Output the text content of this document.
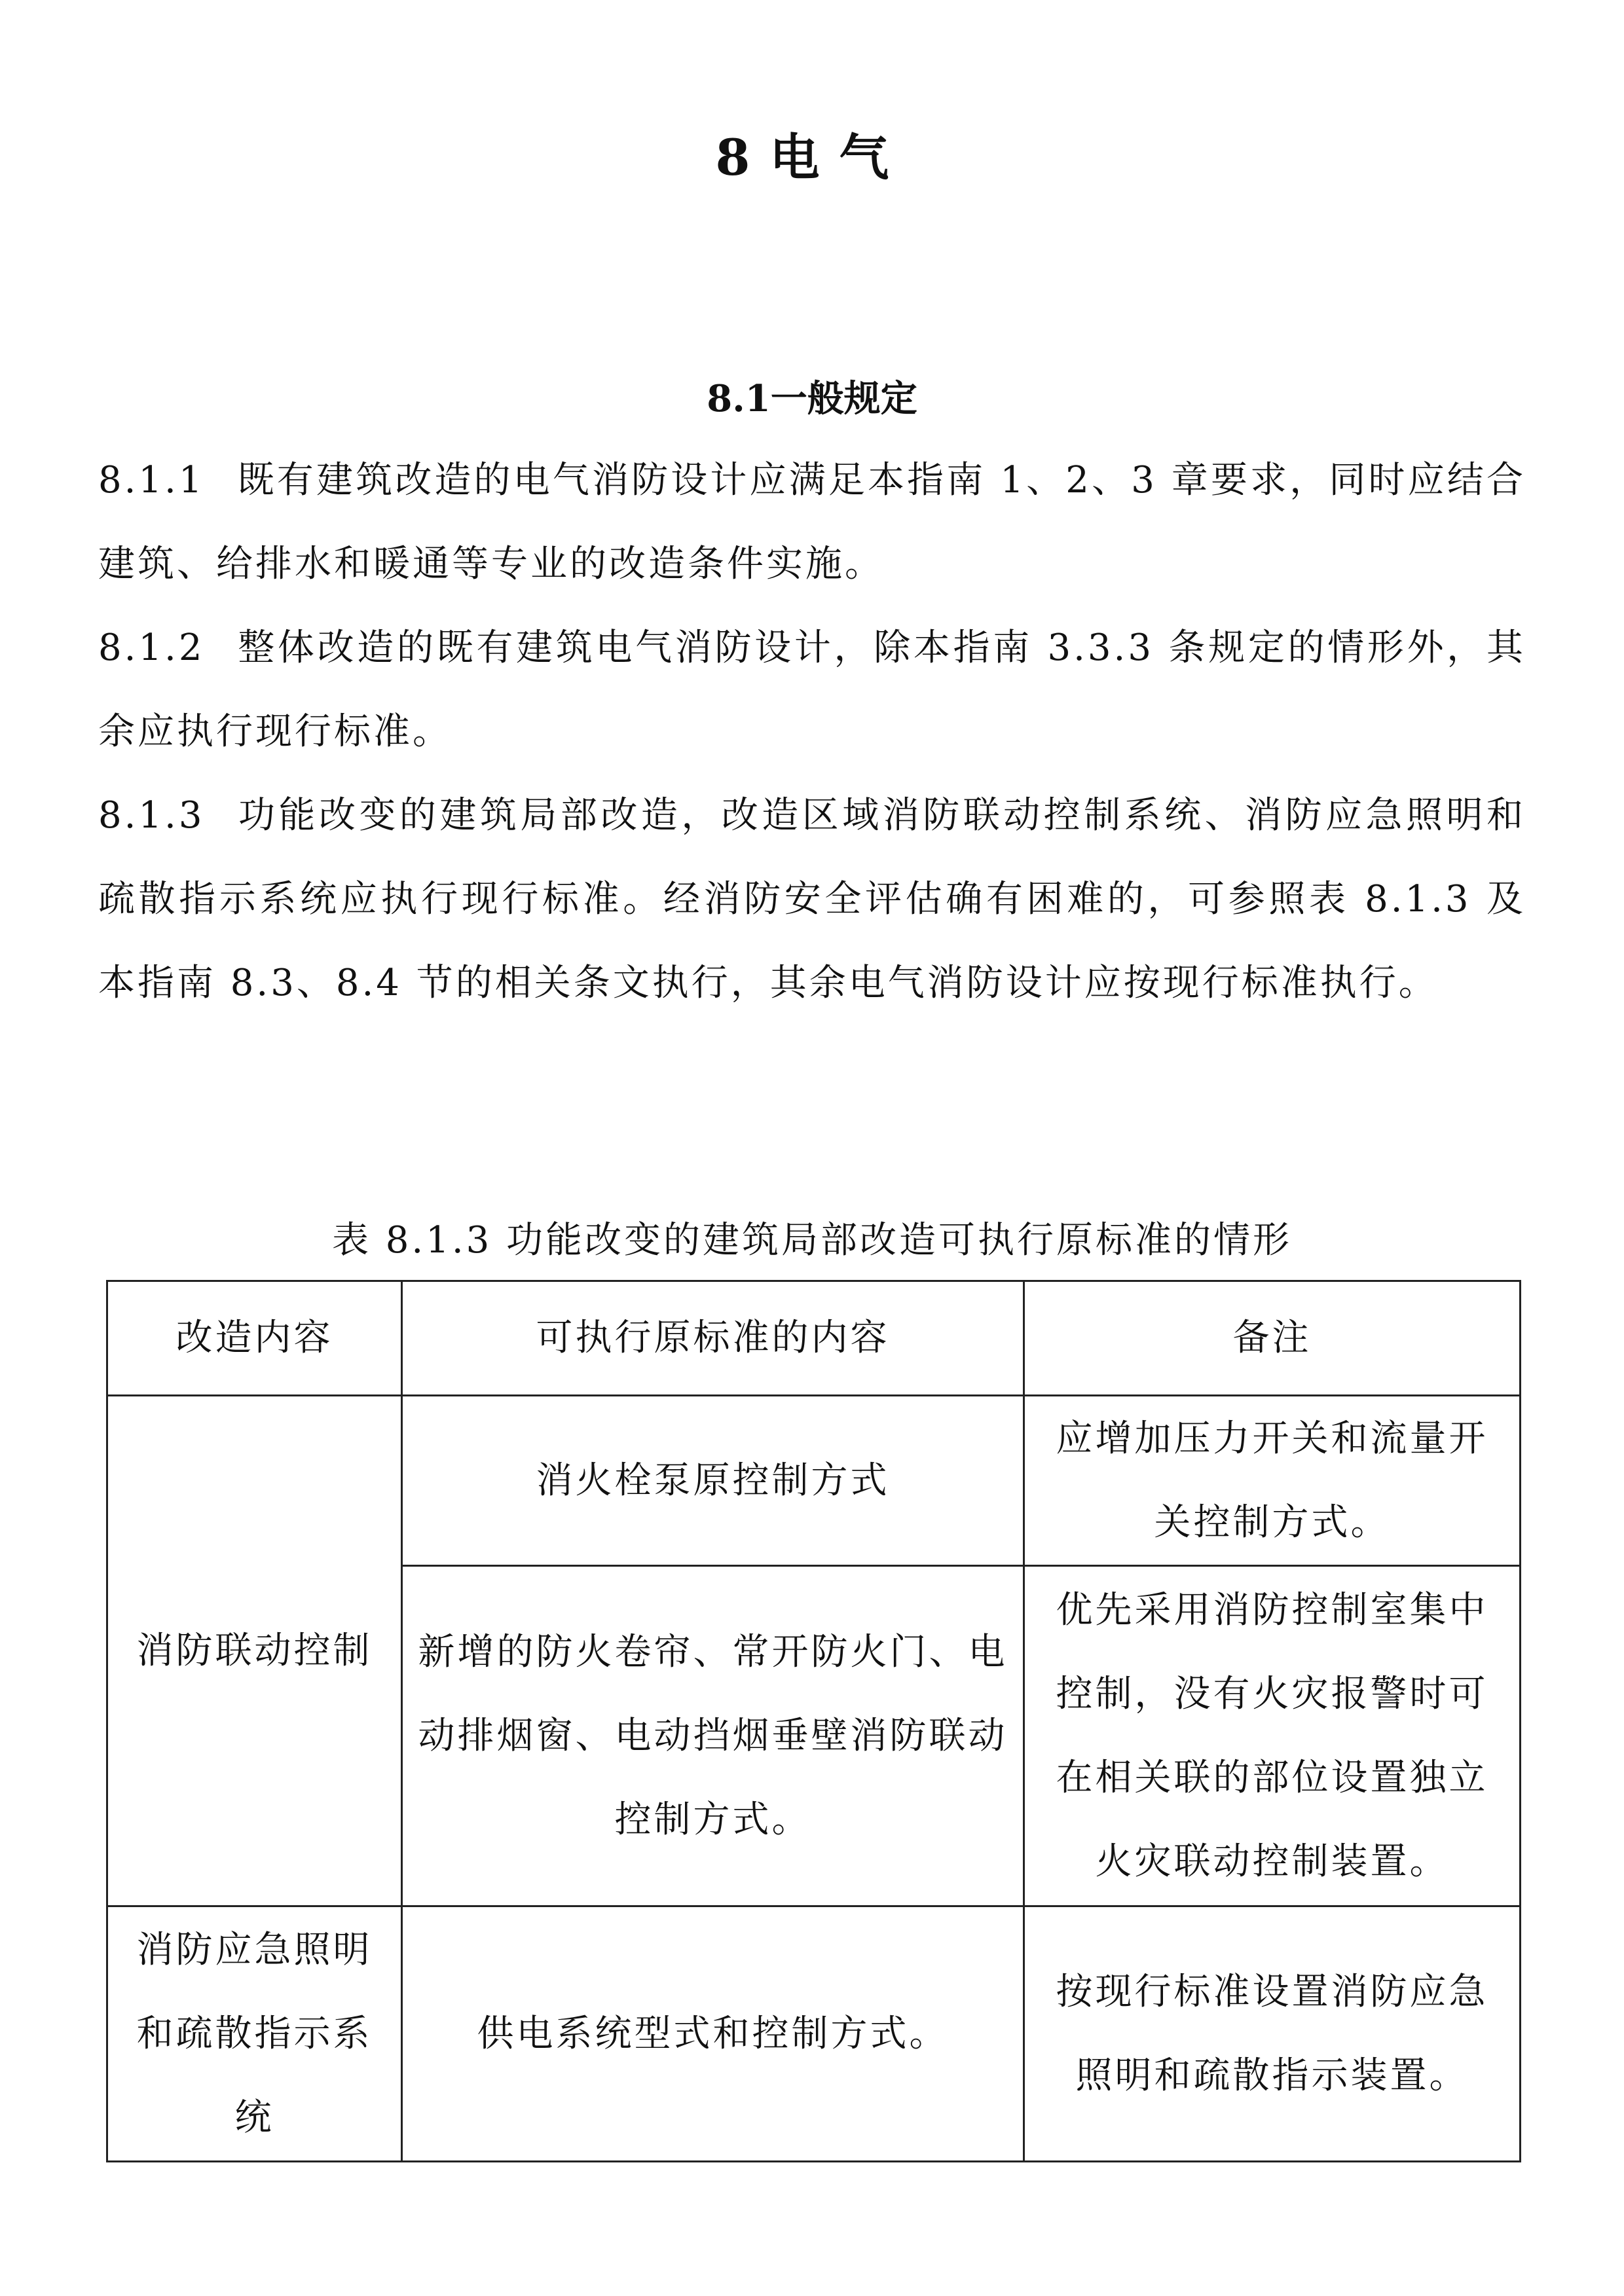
8电气
8.1一般规定

8.1.1 既有建筑改造的电气消防设计应满足本指南 1、2、3 章要求，同时应结合建筑、给排水和暖通等专业的改造条件实施。

8.1.2 整体改造的既有建筑电气消防设计，除本指南 3.3.3 条规定的情形外，其余应执行现行标准。

8.1.3 功能改变的建筑局部改造，改造区域消防联动控制系统、消防应急照明和疏散指示系统应执行现行标准。经消防安全评估确有困难的，可参照表 8.1.3 及本指南 8.3、8.4 节的相关条文执行，其余电气消防设计应按现行标准执行。

表 8.1.3 功能改变的建筑局部改造可执行原标准的情形
改造内容	可执行原标准的内容	备注
消防联动控制	消火栓泵原控制方式	应增加压力开关和流量开关控制方式。
	新增的防火卷帘、常开防火门、电动排烟窗、电动挡烟垂壁消防联动控制方式。	优先采用消防控制室集中控制，没有火灾报警时可在相关联的部位设置独立火灾联动控制装置。
消防应急照明和疏散指示系统	供电系统型式和控制方式。	按现行标准设置消防应急照明和疏散指示装置。
